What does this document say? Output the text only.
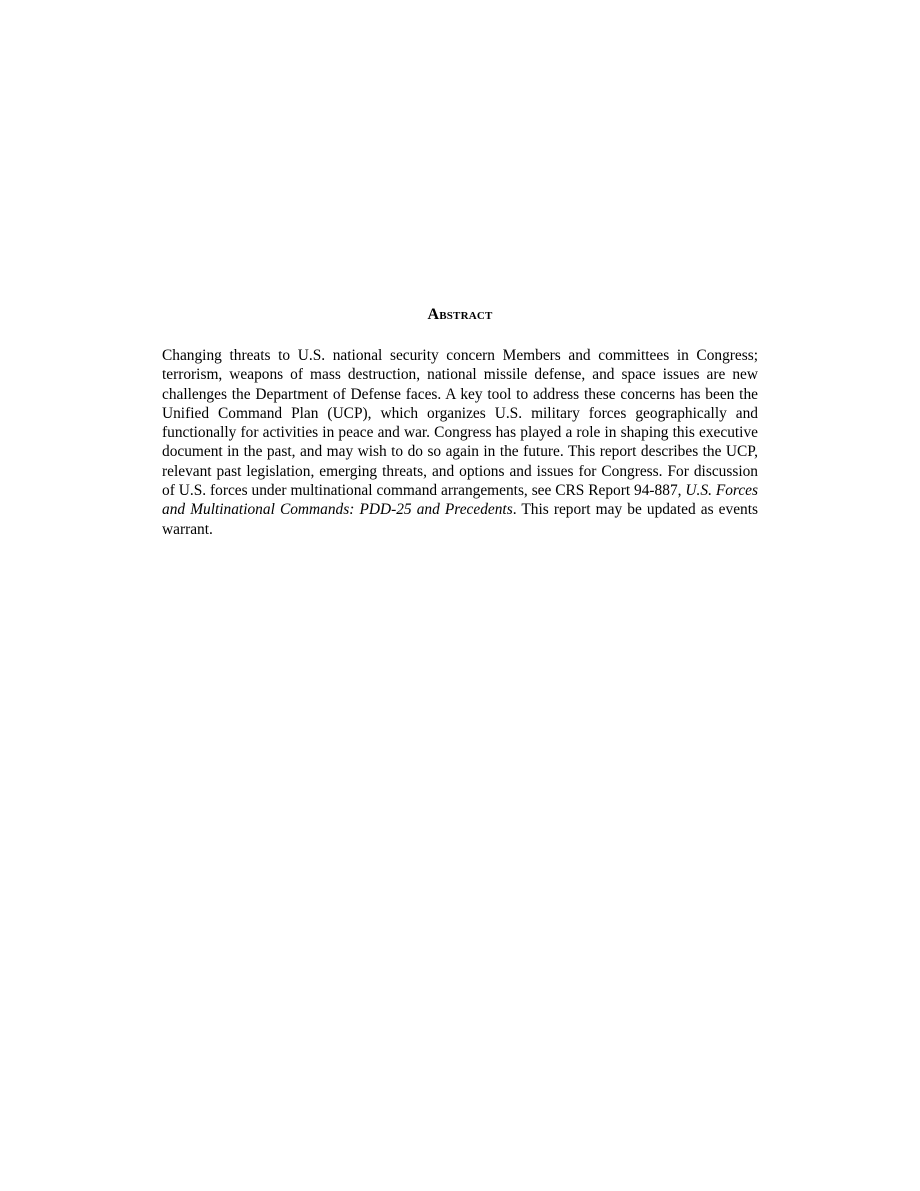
Abstract

Changing threats to U.S. national security concern Members and committees in Congress; terrorism, weapons of mass destruction, national missile defense, and space issues are new challenges the Department of Defense faces. A key tool to address these concerns has been the Unified Command Plan (UCP), which organizes U.S. military forces geographically and functionally for activities in peace and war. Congress has played a role in shaping this executive document in the past, and may wish to do so again in the future. This report describes the UCP, relevant past legislation, emerging threats, and options and issues for Congress. For discussion of U.S. forces under multinational command arrangements, see CRS Report 94-887, U.S. Forces and Multinational Commands: PDD-25 and Precedents. This report may be updated as events warrant.
